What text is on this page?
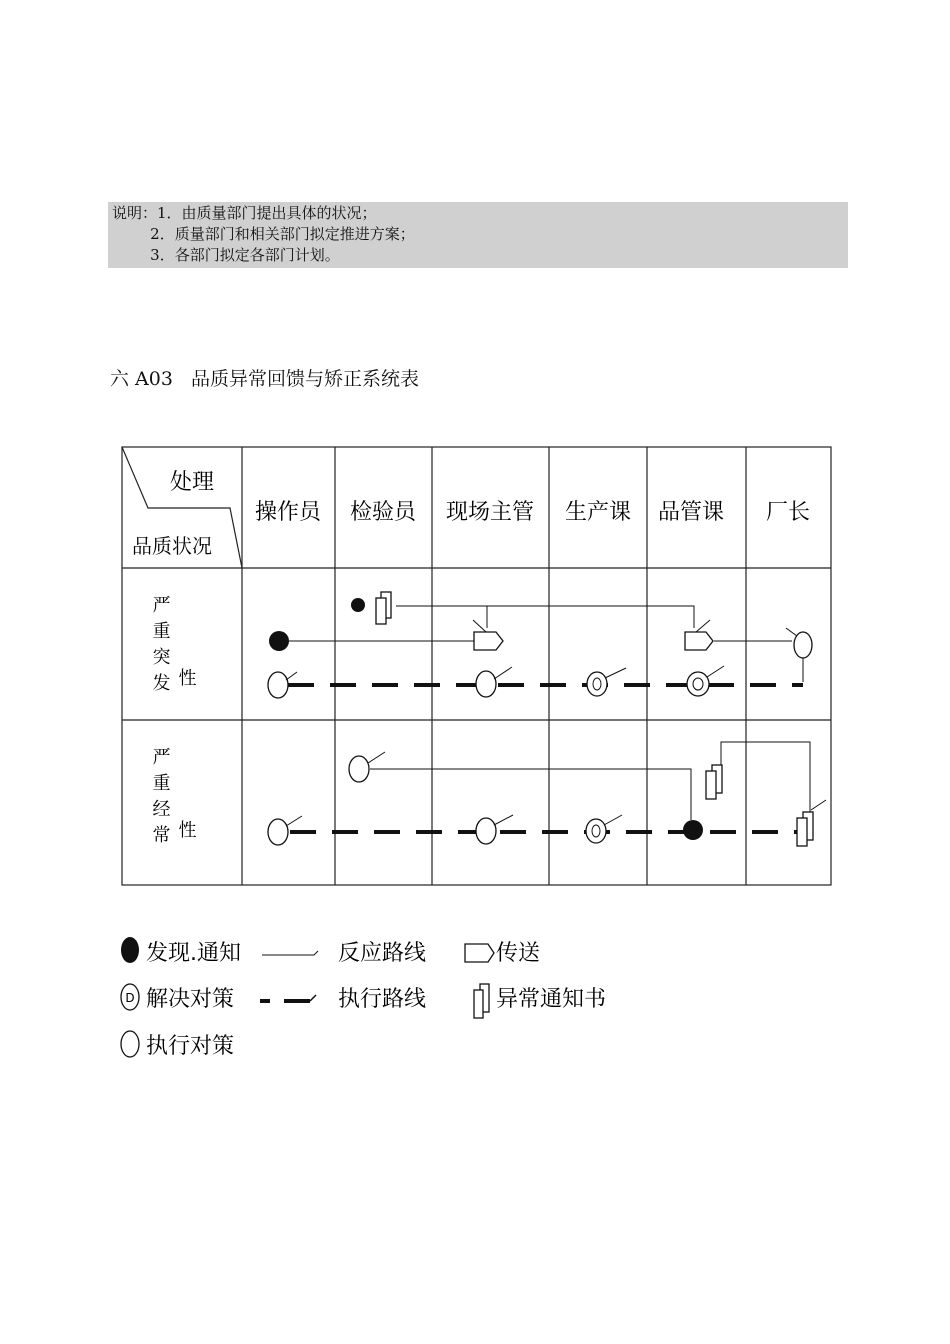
说明：1．由质量部门提出具体的状况；
2．质量部门和相关部门拟定推进方案；
3．各部门拟定各部门计划。
六 A03   品质异常回馈与矫正系统表
处理
品质状况
操作员 检验员 现场主管 生产课 品管课 厂长
严重突发 性
严重经常 性
发现.通知
D 解决对策
执行对策
反应路线
执行路线
传送
异常通知书
